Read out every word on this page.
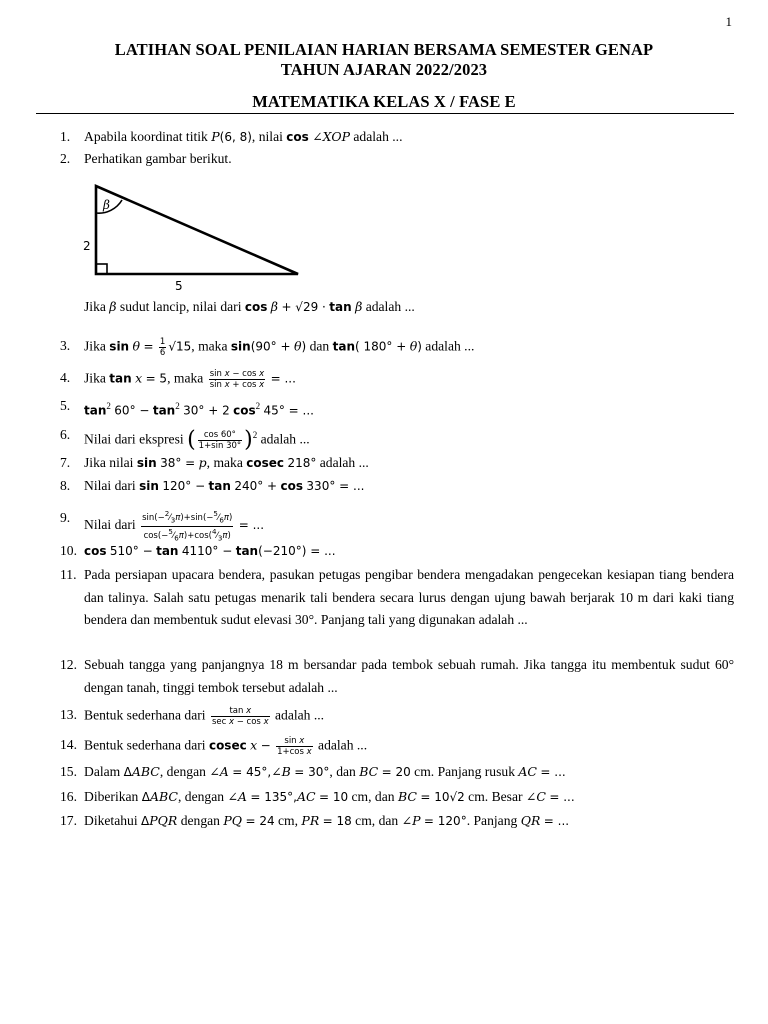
1
LATIHAN SOAL PENILAIAN HARIAN BERSAMA SEMESTER GENAP
TAHUN AJARAN 2022/2023
MATEMATIKA KELAS X / FASE E
1.	Apabila koordinat titik P(6, 8), nilai cos ∠XOP adalah ...
2.	Perhatikan gambar berikut.
β
2
5
Jika β sudut lancip, nilai dari cos β + √29 · tan β adalah ...
3.	Jika $\sin \theta = \frac{1}{6} √15$, maka sin(90° + θ) dan tan( 180° + θ) adalah ...
4.	Jika tan x = 5, maka $\frac{\text{sin x − cos x}}{\text{sin x + cos x}}$ = ...
5.	$\tan^2 60^\circ - \tan^2 30^\circ + 2$ $\cos^2 45^\circ$ = ...
6.	Nilai dari ekspresi ( $\frac{\cos 60^\circ}{1+\sin 30^\circ} )^2$ adalah ...
7.	Jika nilai sin 38° = p, maka cosec 218° adalah ...
8.	Nilai dari sin 120° − tan 240° + cos 330° = ...
9.	Nilai dari $\frac{\sin(-^2⁄_3\pi)+\sin(-^5⁄_6\pi)}{\cos(-^5⁄_6\pi)+\cos(^4⁄_3\pi)}$ = ...
10. cos 510° − tan 4110° − tan(−210°) = ...
11. Pada persiapan upacara bendera, pasukan petugas pengibar bendera mengadakan pengecekan kesiapan tiang bendera dan talinya. Salah satu petugas menarik tali bendera secara lurus dengan ujung bawah berjarak 10 m dari kaki tiang bendera dan membentuk sudut elevasi 30°. Panjang tali yang digunakan adalah ...
12. Sebuah tangga yang panjangnya 18 m bersandar pada tembok sebuah rumah. Jika tangga itu membentuk sudut 60° dengan tanah, tinggi tembok tersebut adalah ...
13. Bentuk sederhana dari $\frac{\text{tan x}}{\text{sec x − cos x}}$ adalah ...
14. Bentuk sederhana dari cosec $x - \frac{\text{sin x}}{\text{1+cos x}}$ adalah ...
15. Dalam ΔABC, dengan ∠A = 45°,∠B = 30°, dan BC = 20 cm. Panjang rusuk AC = ...
16. Diberikan ΔABC, dengan ∠A = 135°,AC = 10 cm, dan BC = 10√2 cm. Besar ∠C = ...
17. Diketahui ΔPQR dengan PQ = 24 cm, PR = 18 cm, dan ∠P = 120°. Panjang QR = ...
